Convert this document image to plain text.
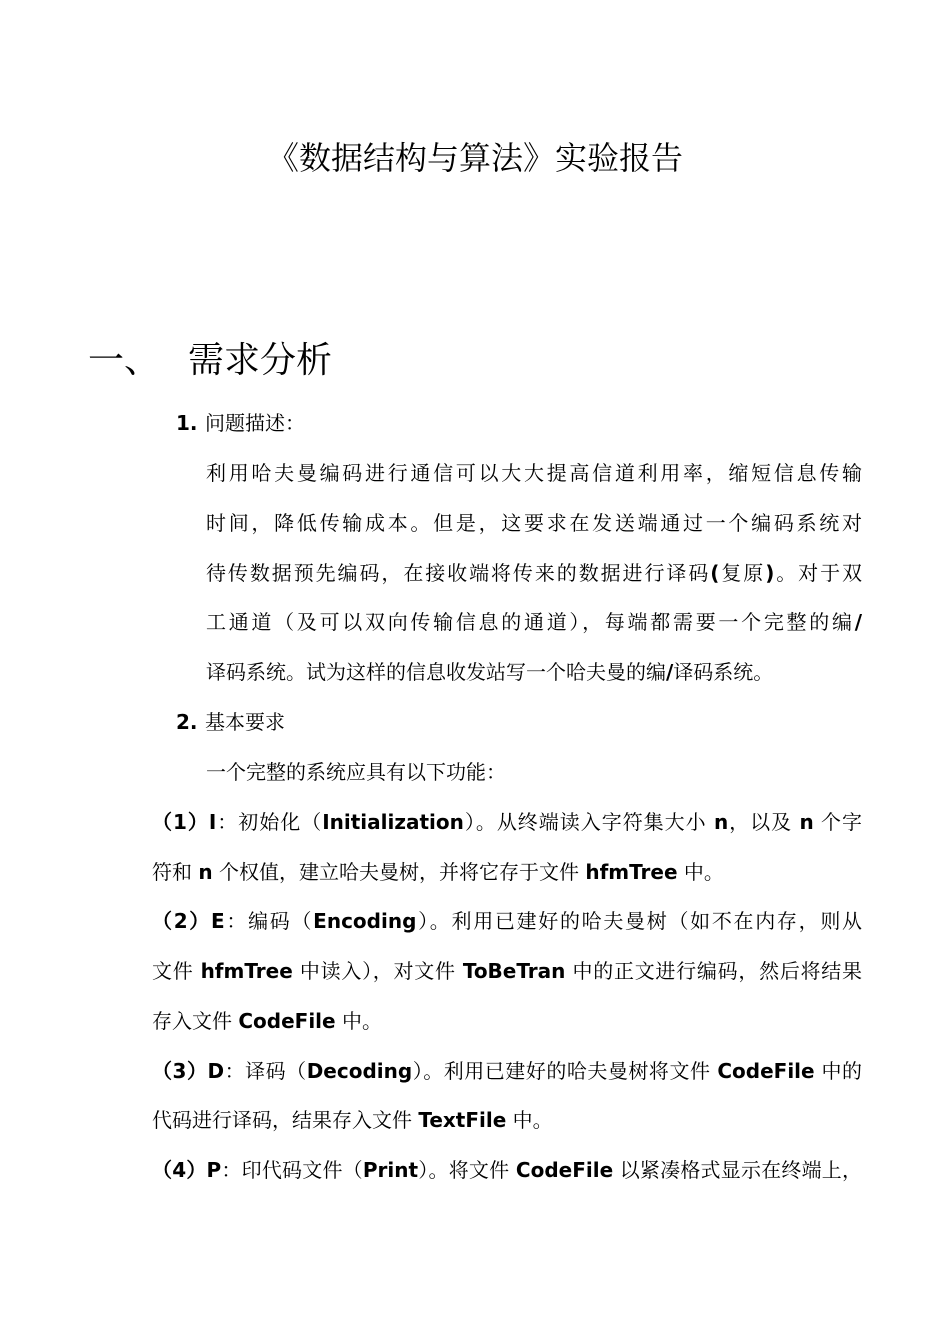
《数据结构与算法》实验报告
一、 需求分析
1. 问题描述：
利用哈夫曼编码进行通信可以大大提高信道利用率，缩短信息传输
时间，降低传输成本。但是，这要求在发送端通过一个编码系统对
待传数据预先编码，在接收端将传来的数据进行译码(复原)。对于双
工通道（及可以双向传输信息的通道），每端都需要一个完整的编/
译码系统。试为这样的信息收发站写一个哈夫曼的编/译码系统。
2. 基本要求
一个完整的系统应具有以下功能：
（1）I：初始化（Initialization）。从终端读入字符集大小 n，以及 n 个字
符和 n 个权值，建立哈夫曼树，并将它存于文件 hfmTree 中。
（2）E：编码（Encoding）。利用已建好的哈夫曼树（如不在内存，则从
文件 hfmTree 中读入），对文件 ToBeTran 中的正文进行编码，然后将结果
存入文件 CodeFile 中。
（3）D：译码（Decoding）。利用已建好的哈夫曼树将文件 CodeFile 中的
代码进行译码，结果存入文件 TextFile 中。
（4）P：印代码文件（Print）。将文件 CodeFile 以紧凑格式显示在终端上，
